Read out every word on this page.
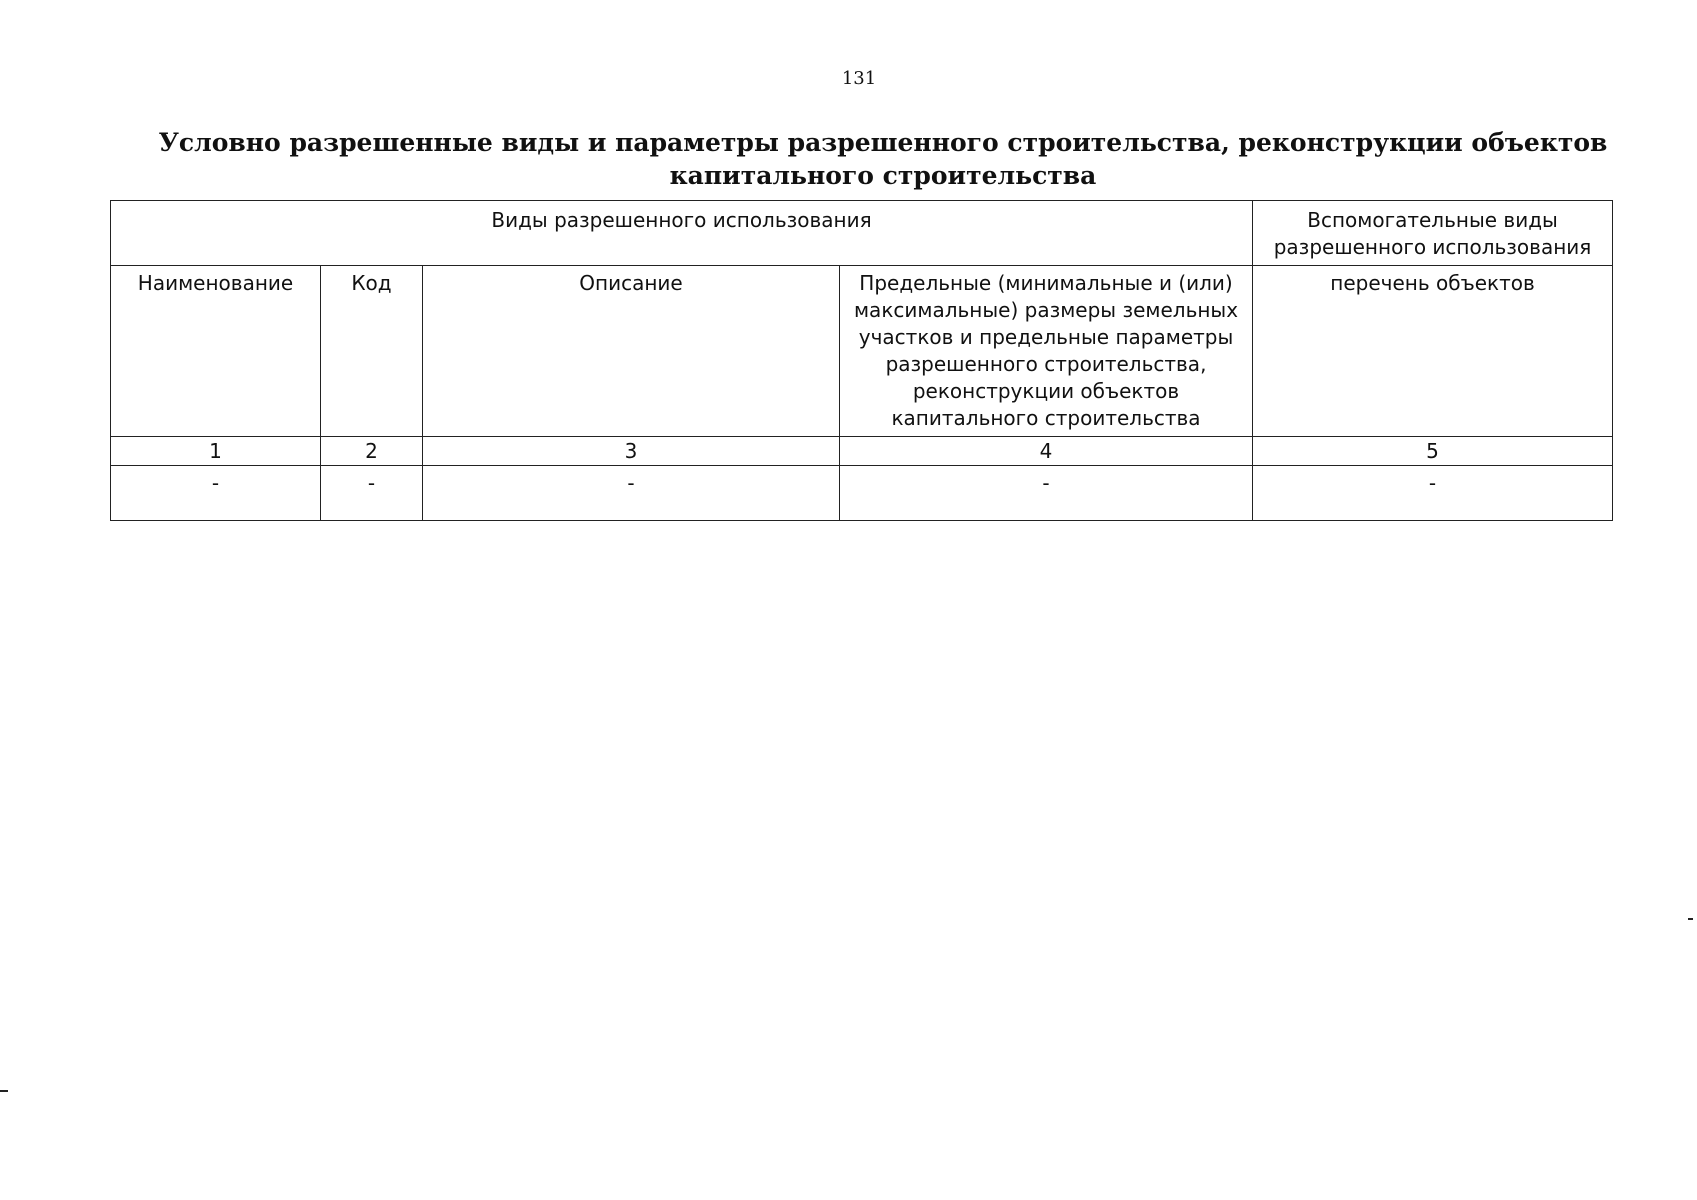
131
Условно разрешенные виды и параметры разрешенного строительства, реконструкции объектов капитального строительства
Виды разрешенного использования				Вспомогательные виды разрешенного использования
Наименование	Код	Описание	Предельные (минимальные и (или) максимальные) размеры земельных участков и предельные параметры разрешенного строительства, реконструкции объектов капитального строительства	перечень объектов
1	2	3	4	5
-	-	-	-	-
